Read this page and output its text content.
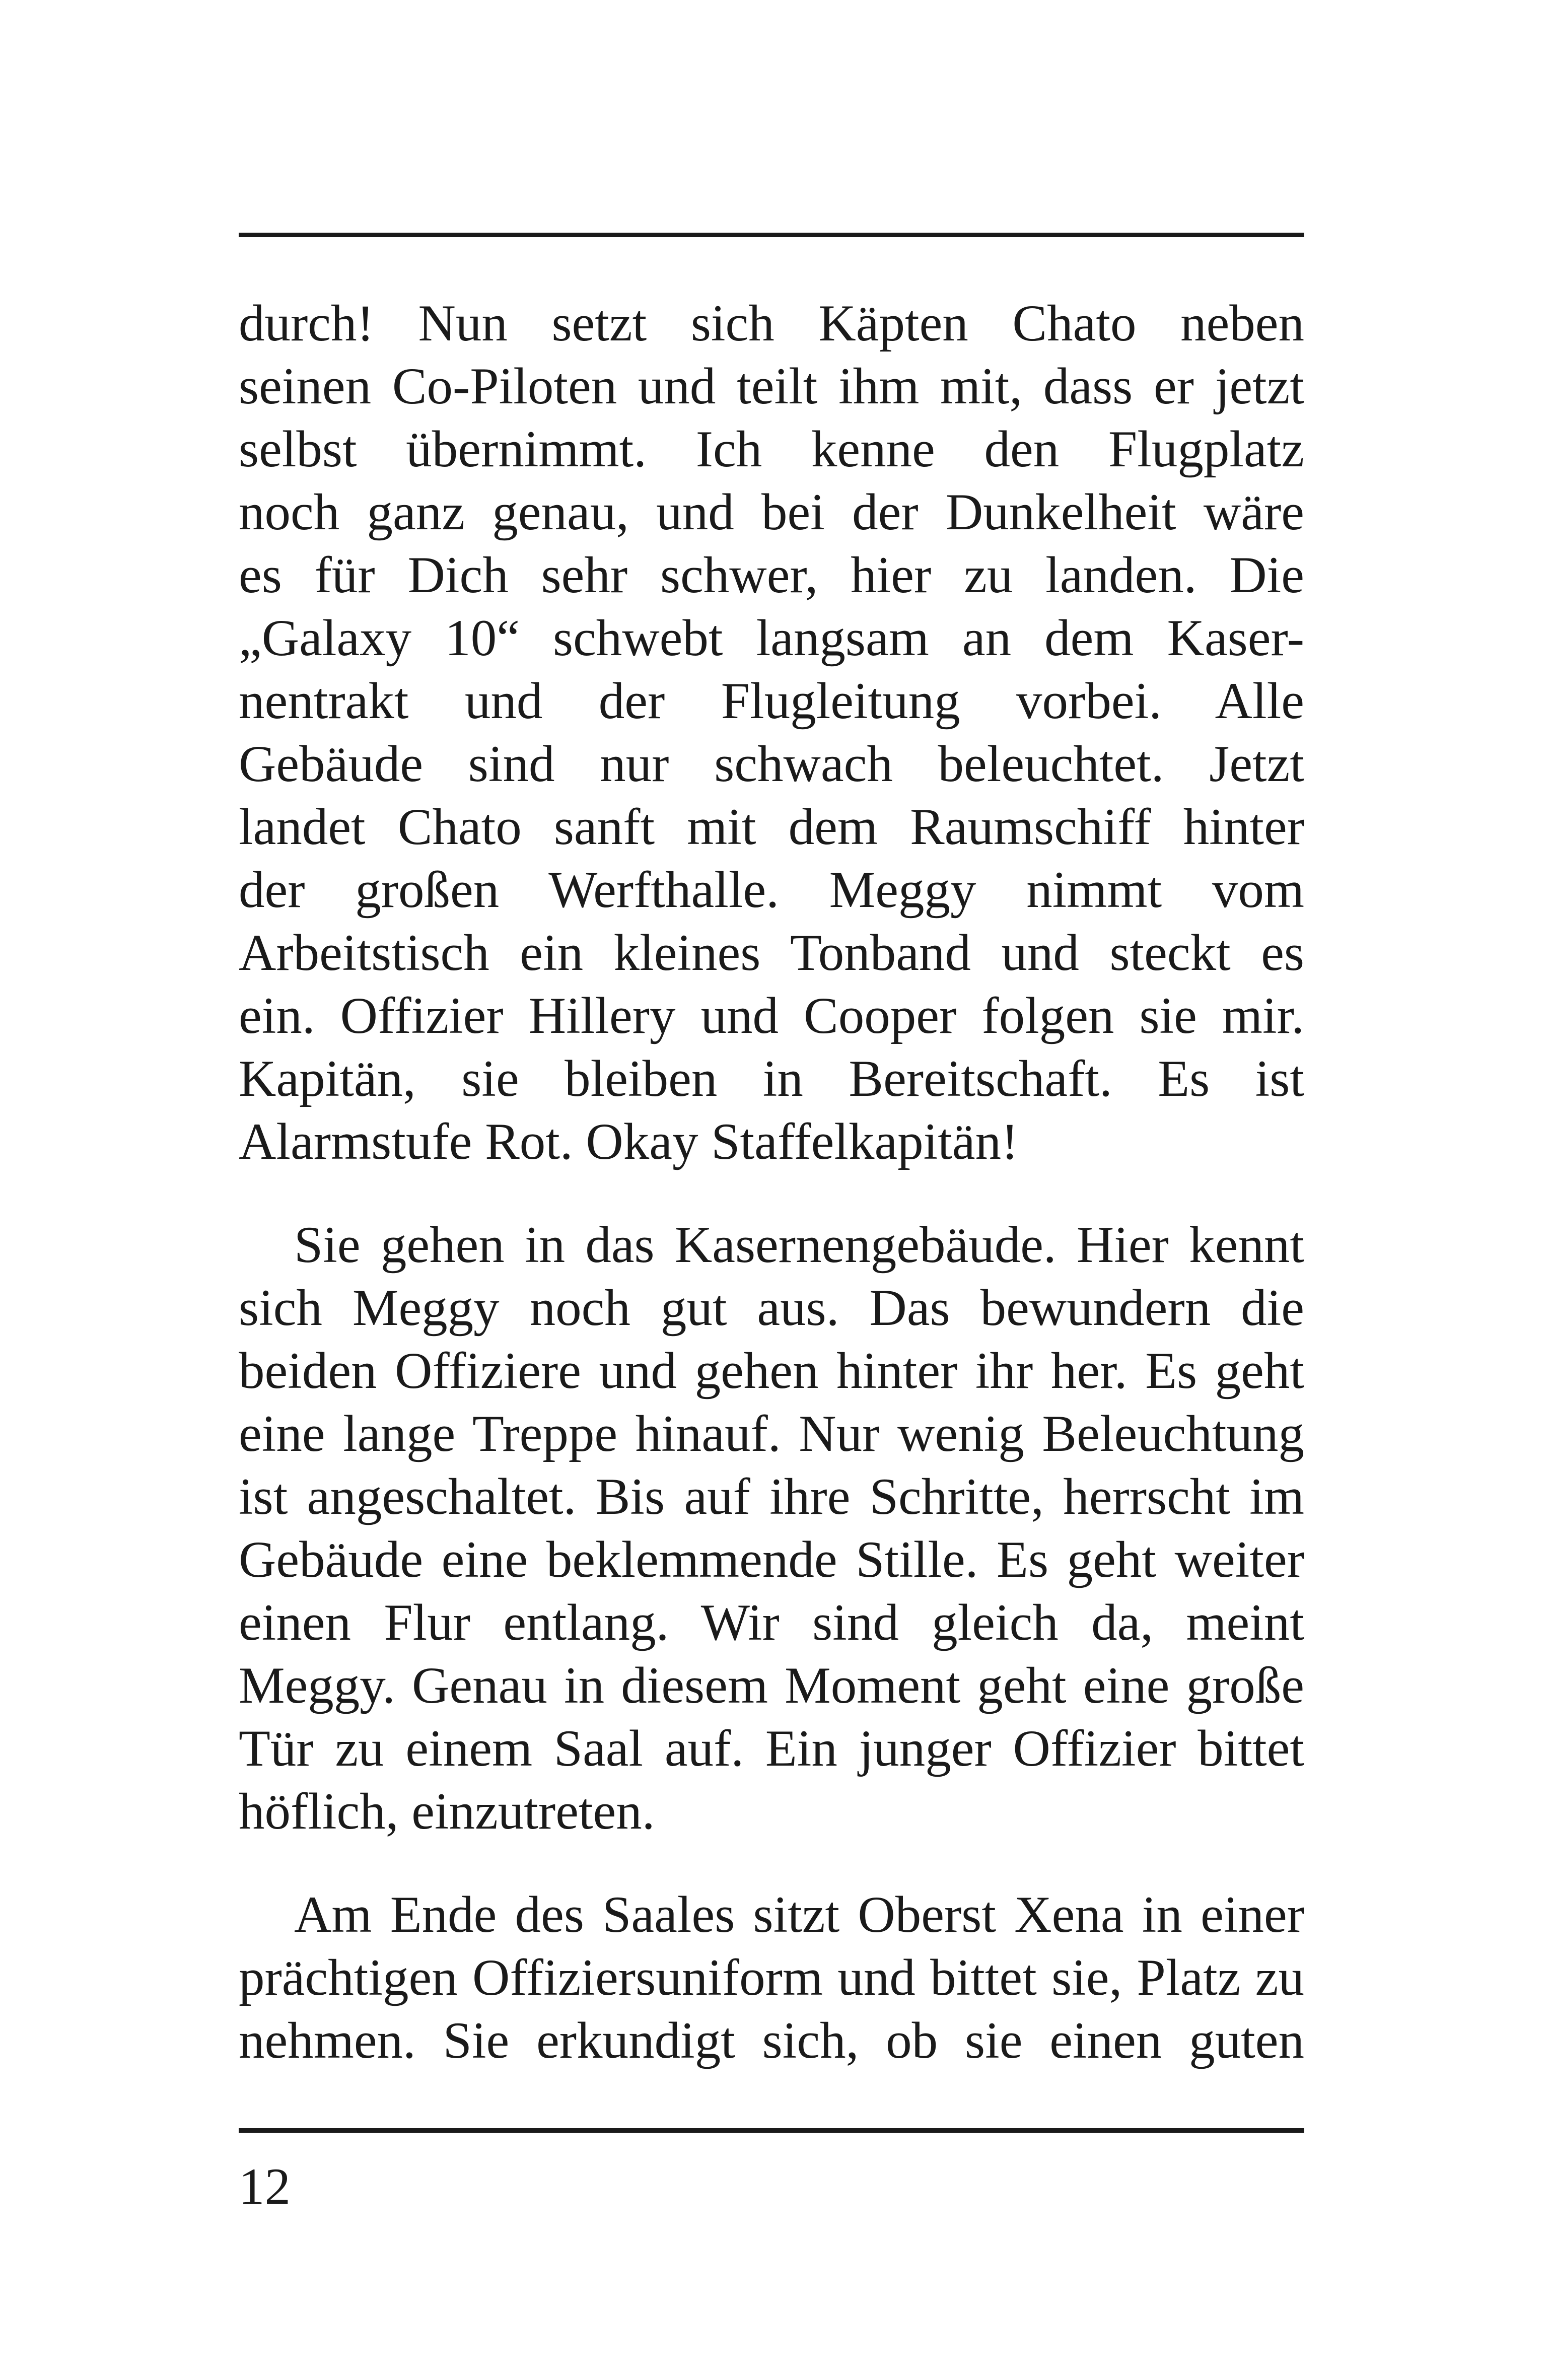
durch! Nun setzt sich Käpten Chato neben
seinen Co-Piloten und teilt ihm mit, dass er jetzt
selbst übernimmt. Ich kenne den Flugplatz
noch ganz genau, und bei der Dunkelheit wäre
es für Dich sehr schwer, hier zu landen. Die
„Galaxy 10“ schwebt langsam an dem Kaser-
nentrakt und der Flugleitung vorbei. Alle
Gebäude sind nur schwach beleuchtet. Jetzt
landet Chato sanft mit dem Raumschiff hinter
der großen Werfthalle. Meggy nimmt vom
Arbeitstisch ein kleines Tonband und steckt es
ein. Offizier Hillery und Cooper folgen sie mir.
Kapitän, sie bleiben in Bereitschaft. Es ist
Alarmstufe Rot. Okay Staffelkapitän!
Sie gehen in das Kasernengebäude. Hier kennt
sich Meggy noch gut aus. Das bewundern die
beiden Offiziere und gehen hinter ihr her. Es geht
eine lange Treppe hinauf. Nur wenig Beleuchtung
ist angeschaltet. Bis auf ihre Schritte, herrscht im
Gebäude eine beklemmende Stille. Es geht weiter
einen Flur entlang. Wir sind gleich da, meint
Meggy. Genau in diesem Moment geht eine große
Tür zu einem Saal auf. Ein junger Offizier bittet
höflich, einzutreten.
Am Ende des Saales sitzt Oberst Xena in einer
prächtigen Offiziersuniform und bittet sie, Platz zu
nehmen. Sie erkundigt sich, ob sie einen guten
12
